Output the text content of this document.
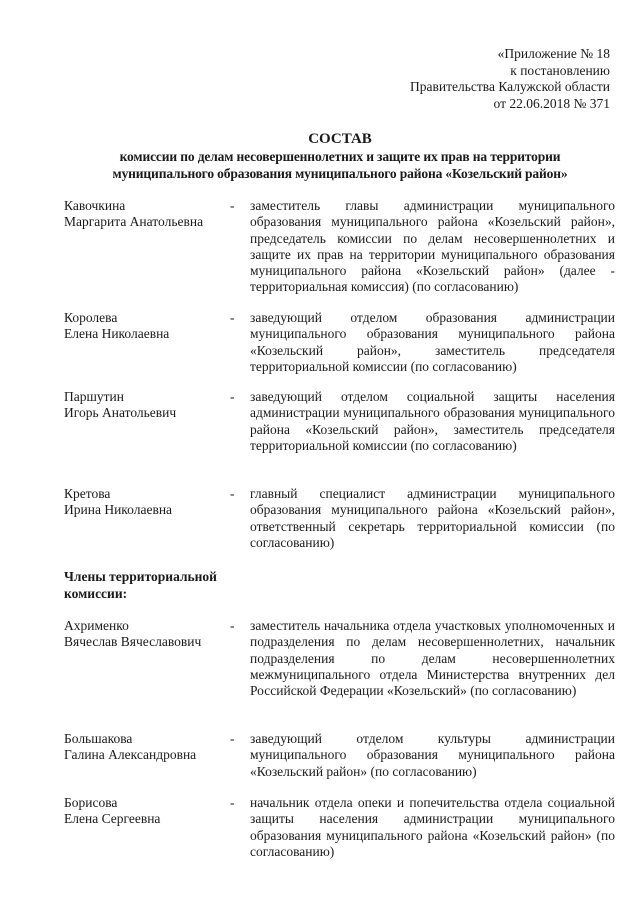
«Приложение № 18
к постановлению
Правительства Калужской области
от 22.06.2018 № 371
СОСТАВ
комиссии по делам несовершеннолетних и защите их прав на территории
муниципального образования муниципального района «Козельский район»
Кавочкина
Маргарита Анатольевна
- заместитель главы администрации муниципального образования муниципального района «Козельский район», председатель комиссии по делам несовершеннолетних и защите их прав на территории муниципального образования муниципального района «Козельский район» (далее - территориальная комиссия) (по согласованию)
Королева
Елена Николаевна
- заведующий отделом образования администрации муниципального образования муниципального района «Козельский район», заместитель председателя территориальной комиссии (по согласованию)
Паршутин
Игорь Анатольевич
- заведующий отделом социальной защиты населения администрации муниципального образования муниципального района «Козельский район», заместитель председателя территориальной комиссии (по согласованию)
Кретова
Ирина Николаевна
- главный специалист администрации муниципального образования муниципального района «Козельский район», ответственный секретарь территориальной комиссии (по согласованию)
Члены территориальной
комиссии:
Ахрименко
Вячеслав Вячеславович
- заместитель начальника отдела участковых уполномоченных и подразделения по делам несовершеннолетних, начальник подразделения по делам несовершеннолетних межмуниципального отдела Министерства внутренних дел Российской Федерации «Козельский» (по согласованию)
Большакова
Галина Александровна
- заведующий отделом культуры администрации муниципального образования муниципального района «Козельский район» (по согласованию)
Борисова
Елена Сергеевна
- начальник отдела опеки и попечительства отдела социальной защиты населения администрации муниципального образования муниципального района «Козельский район» (по согласованию)
